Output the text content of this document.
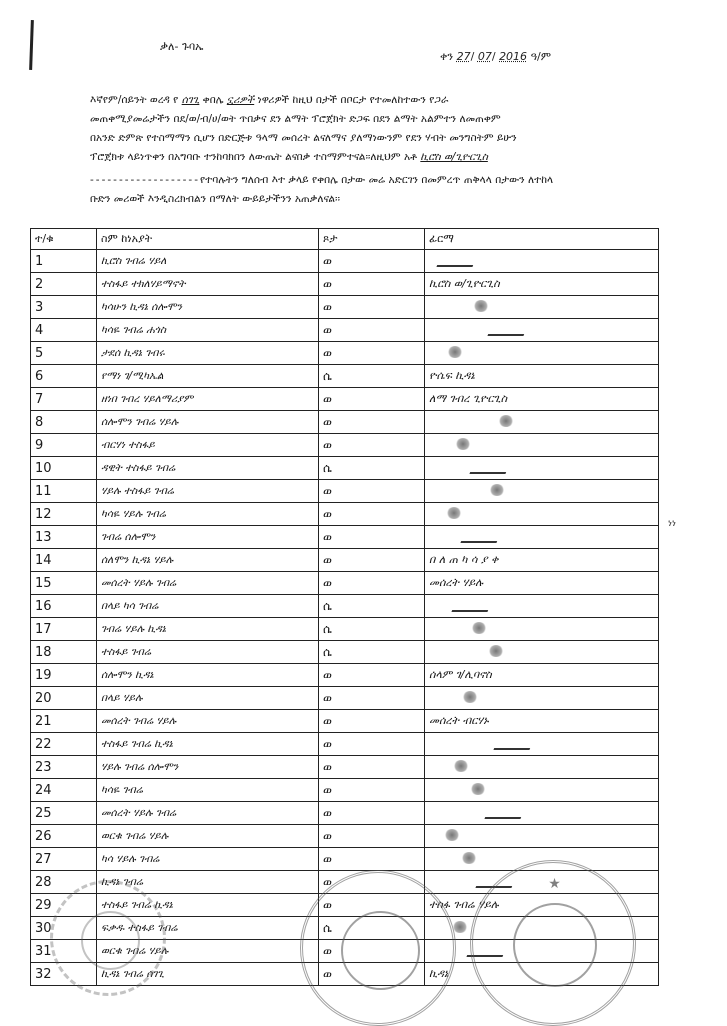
ቃለ- ጉባኤ
ቀን 27/ 07/ 2016 ዓ/ም
እኛየም/ሰይንት ወረዳ የ ሰገጊ ቀበሌ ኗሪዎች ነዋሪዎች ከዚህ በታች በቦርታ የተመለከተውን የጋራ
መጠቀሚያመሬታችን በደ/ወ/ብ/ሀ/ወት ጥበቃና ደን ልማት ፕሮጀክት ድጋፍ በደን ልማት አልምተን ለመጠቀም
በአንድ ድምጽ የተስማማን ሲሆን በድርጅቱ ዓላማ መሰረት ልናለማና ያለማነውንም የደን ሃብት መንግስትም ይሁን
ፕሮጀክቱ ላይነጥቀን በአግባቡ ተንከባክበን ለውጤት ልናበቃ ተስማምተናል፡፡ለዚህም አቶ ኪሮስ ወ/ጊዮርጊስ
-------------------የተባሉትን ግለሰብ እተ ቃላይ የቀበሌ በታው መሬ አድርገን በመምረጥ ጠቅላላ በታውን ለተከላ
ቡድን መሪወች እንዲስረክብልን በማለት ውይይታችንን አጠቃለናል፡፡
ተ/ቁ	ስም ከነአያት	ጾታ	ፊርማ
1	ኪሮስ ገብሬ ሃይለ	ወ	
2	ተስፋይ ተክለሃይማኖት	ወ	ኪሮስ ወ/ጊዮርጊስ
3	ካሳሁን ኪዳኔ ሰሎሞን	ወ	
4	ካሳዬ ገብሬ ሐጎስ	ወ	
5	ታደሰ ኪዳኔ ገብሩ	ወ	
6	የማነ ገ/ሚካኤል	ሴ	ዮሴፍ ኪዳኔ
7	ዘነበ ገብረ ሃይለማሪያም	ወ	ለማ ገብረ ጊዮርጊስ
8	ሰሎሞን ገብሬ ሃይሉ	ወ	
9	ብርሃነ ተስፋይ	ወ	
10	ዳዊት ተስፋይ ገብሬ	ሴ	
11	ሃይሉ ተስፋይ ገብሬ	ወ	
12	ካሳዬ ሃይሉ ገብሬ	ወ	
13	ገብሬ ሰሎሞን	ወ	
14	ሰለሞን ኪዳኔ ሃይሉ	ወ	በ ለ ጠ ካ ሳ ያ ቀ
15	መሰረት ሃይሉ ገብሬ	ወ	መሰረት ሃይሉ
16	በላይ ካሳ ገብሬ	ሴ	
17	ገብሬ ሃይሉ ኪዳኔ	ሴ	
18	ተስፋይ ገብሬ	ሴ	
19	ሰሎሞን ኪዳኔ	ወ	ሰላም ገ/ሊባኖስ
20	በላይ ሃይሉ	ወ	
21	መሰረት ገብሬ ሃይሉ	ወ	መሰረት ብርሃኑ
22	ተስፋይ ገብሬ ኪዳኔ	ወ	
23	ሃይሉ ገብሬ ሰሎሞን	ወ	
24	ካሳዬ ገብሬ	ወ	
25	መሰረት ሃይሉ ገብሬ	ወ	
26	ወርቁ ገብሬ ሃይሉ	ወ	
27	ካሳ ሃይሉ ገብሬ	ወ	
28	ኪዳኔ ገብሬ	ወ	
29	ተስፋይ ገብሬ ኪዳኔ	ወ	ተስፋ ገብሬ ሃይሉ
30	ፍቃዱ ተስፋይ ገብሬ	ሴ	
31	ወርቁ ገብሬ ሃይሉ	ወ	
32	ኪዳኔ ገብሬ ሰገጊ	ወ	ኪዳኔ
★
ነነ
